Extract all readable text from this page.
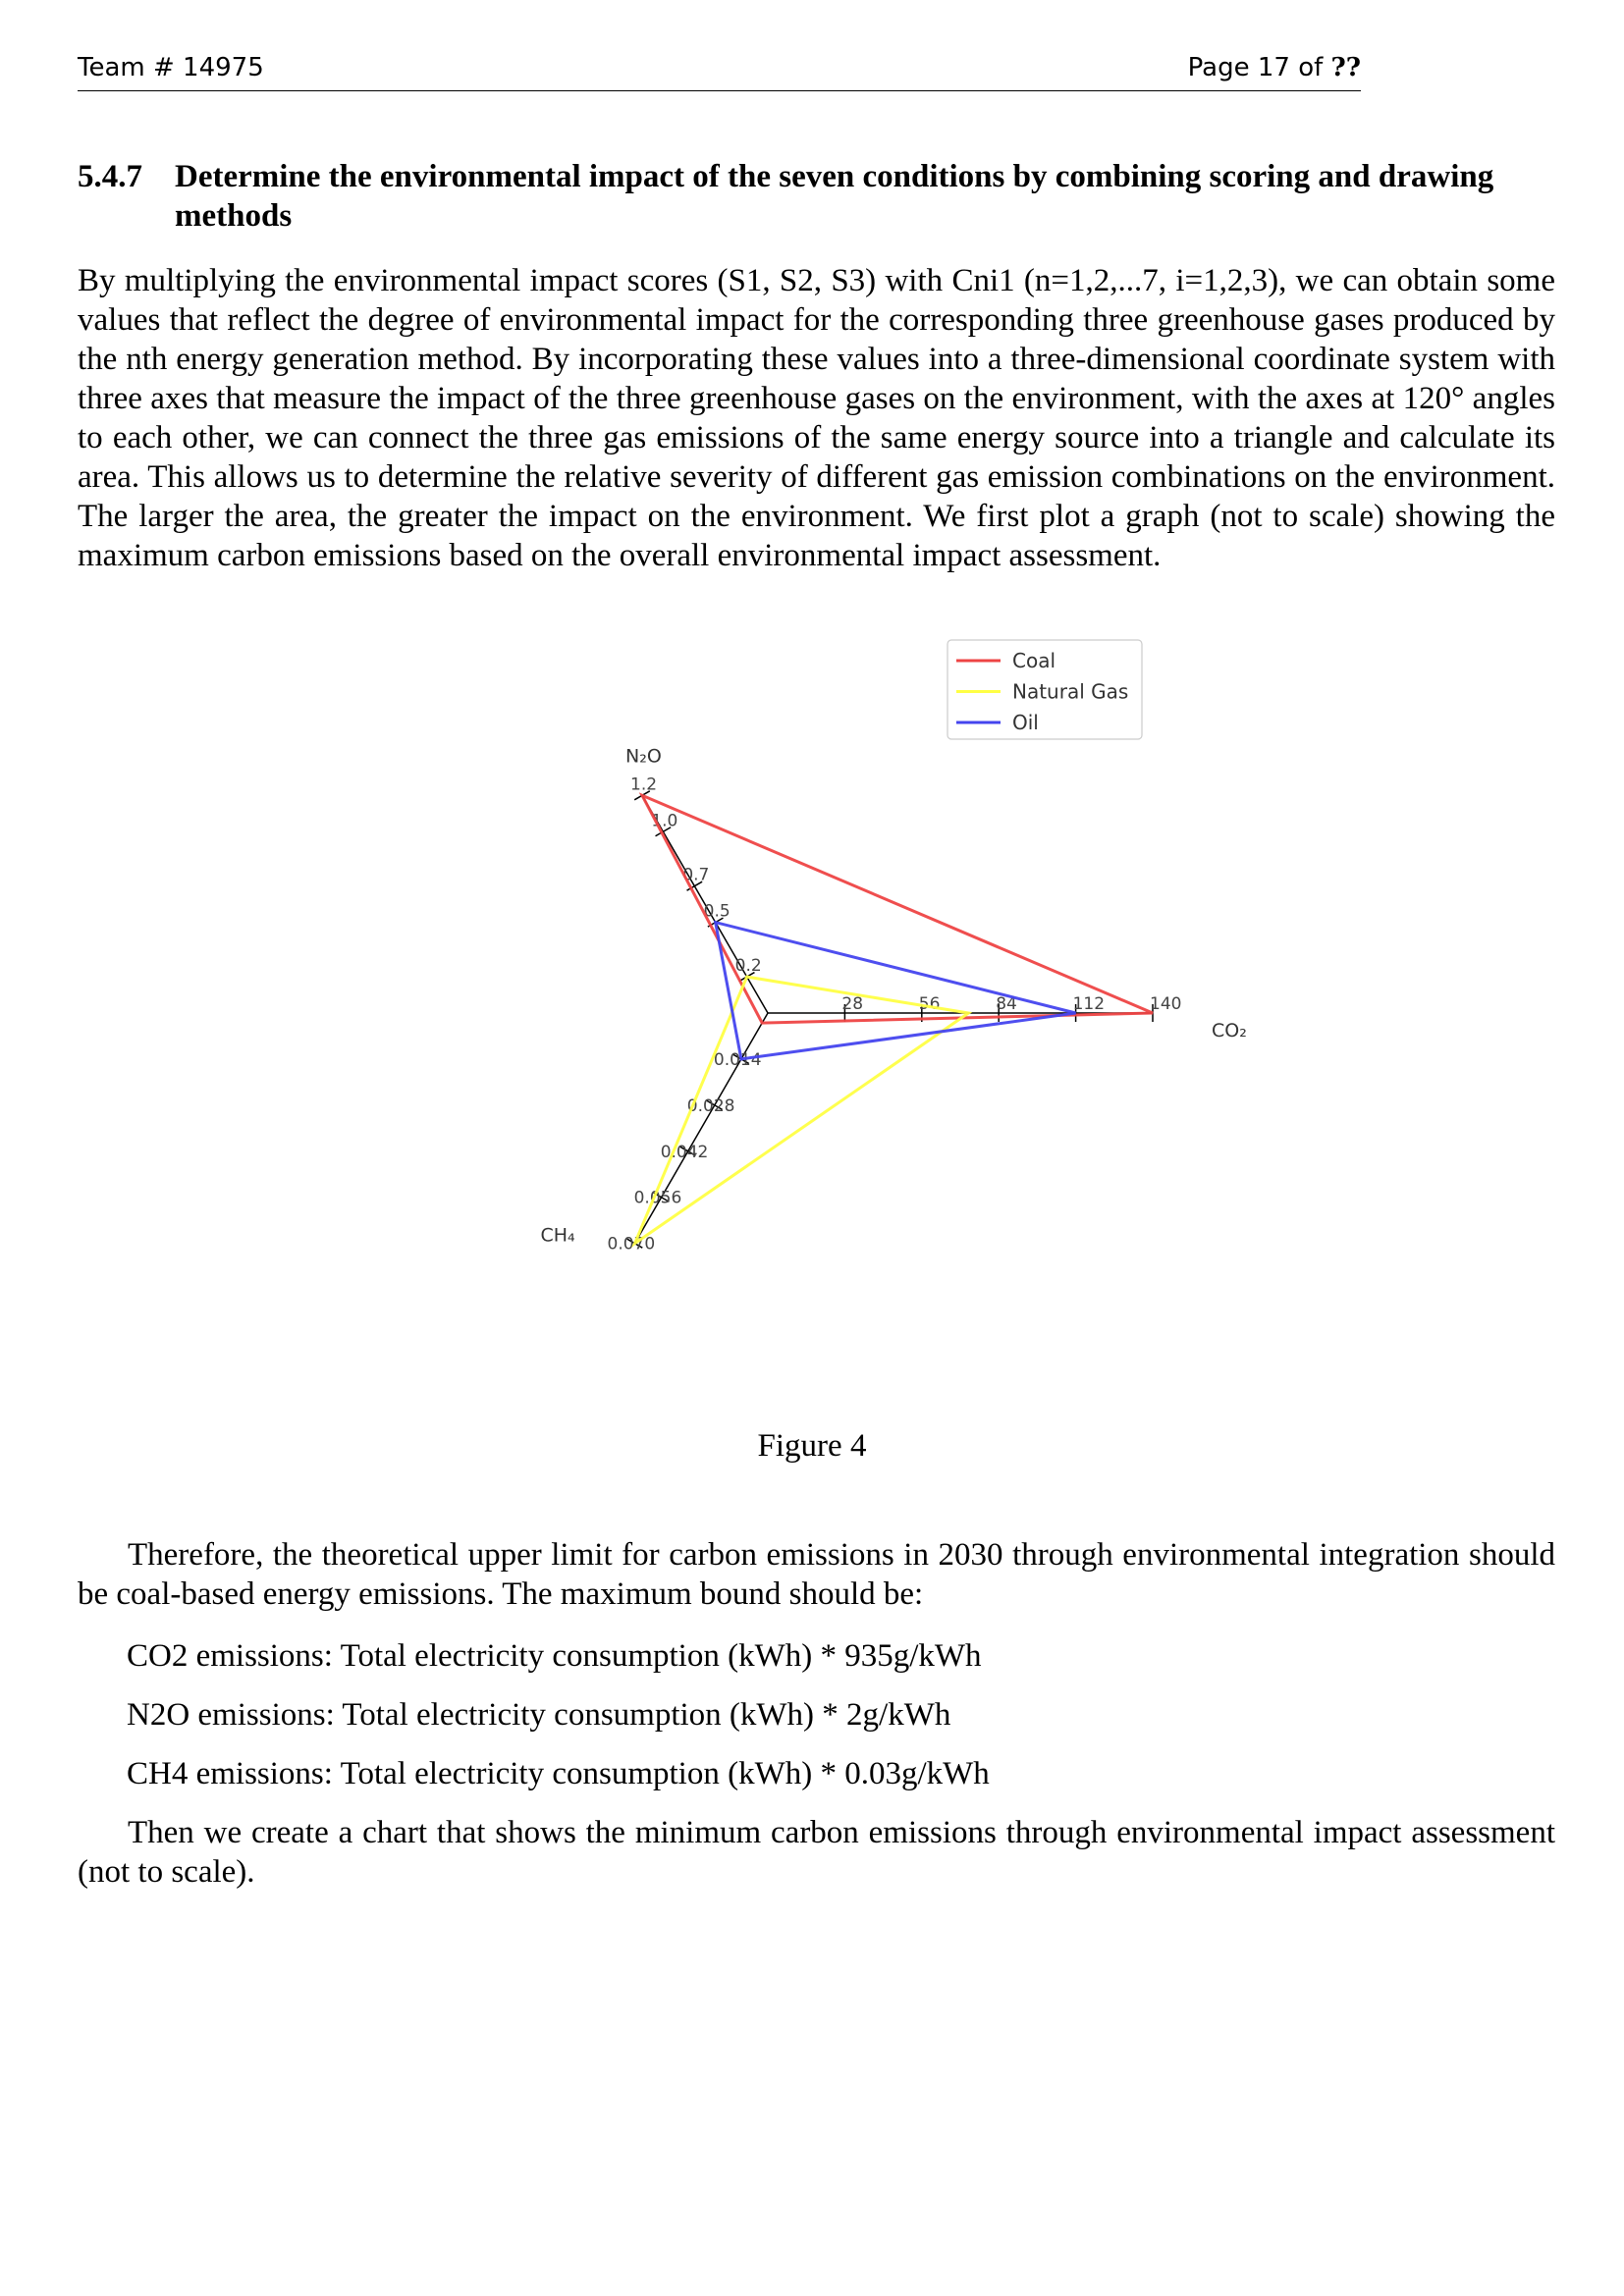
Team # 14975	Page 17 of ??
5.4.7 Determine the environmental impact of the seven conditions by combining scoring and drawing methods

By multiplying the environmental impact scores (S1, S2, S3) with Cni1 (n=1,2,...7, i=1,2,3), we can obtain some values that reflect the degree of environmental impact for the corresponding three greenhouse gases produced by the nth energy generation method. By incorporating these values into a three-dimensional coordinate system with three axes that measure the impact of the three greenhouse gases on the environment, with the axes at 120° angles to each other, we can connect the three gas emissions of the same energy source into a triangle and calculate its area. This allows us to determine the relative severity of different gas emission combinations on the environment. The larger the area, the greater the impact on the environment. We first plot a graph (not to scale) showing the maximum carbon emissions based on the overall environmental impact assessment.

28	56	84	112	140
0.2
0.5
0.7
1.0
1.2
0.014
0.028
0.042
0.056
0.070
CO₂
N₂O
CH₄
Coal
Natural Gas
Oil
Figure 4

Therefore, the theoretical upper limit for carbon emissions in 2030 through environmental integration should be coal-based energy emissions. The maximum bound should be:

CO2 emissions: Total electricity consumption (kWh) * 935g/kWh
N2O emissions: Total electricity consumption (kWh) * 2g/kWh
CH4 emissions: Total electricity consumption (kWh) * 0.03g/kWh

Then we create a chart that shows the minimum carbon emissions through environmental impact assessment (not to scale).
